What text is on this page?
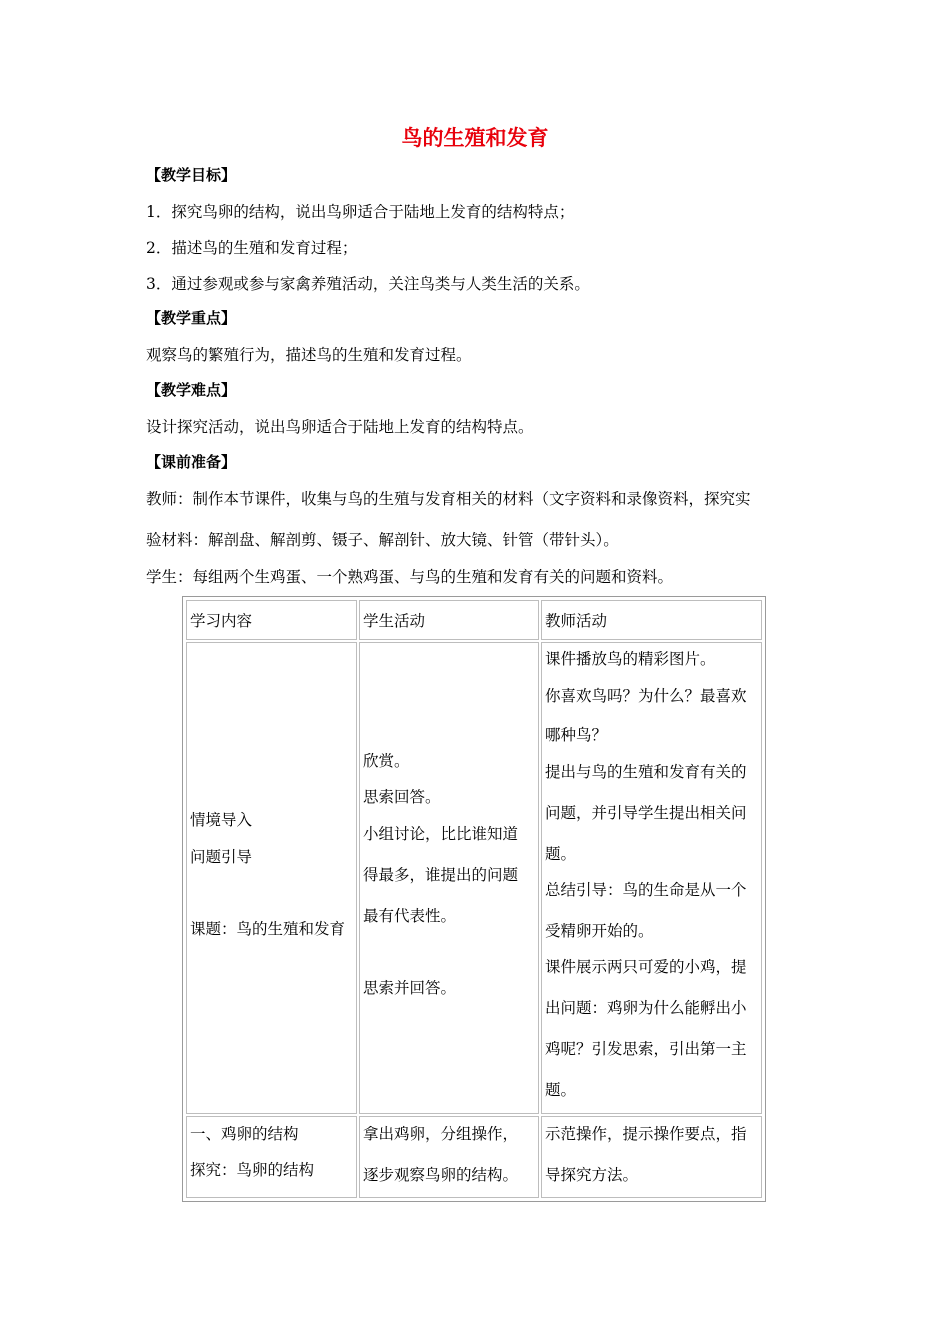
鸟的生殖和发育
【教学目标】
1．探究鸟卵的结构，说出鸟卵适合于陆地上发育的结构特点；
2．描述鸟的生殖和发育过程；
3．通过参观或参与家禽养殖活动，关注鸟类与人类生活的关系。
【教学重点】
观察鸟的繁殖行为，描述鸟的生殖和发育过程。
【教学难点】
设计探究活动，说出鸟卵适合于陆地上发育的结构特点。
【课前准备】
教师：制作本节课件，收集与鸟的生殖与发育相关的材料（文字资料和录像资料，探究实
验材料：解剖盘、解剖剪、镊子、解剖针、放大镜、针管（带针头）。
学生：每组两个生鸡蛋、一个熟鸡蛋、与鸟的生殖和发育有关的问题和资料。
学习内容	学生活动	教师活动
情境导入
问题引导
课题：鸟的生殖和发育
欣赏。
思索回答。
小组讨论，比比谁知道
得最多，谁提出的问题
最有代表性。
思索并回答。
课件播放鸟的精彩图片。
你喜欢鸟吗？为什么？最喜欢
哪种鸟？
提出与鸟的生殖和发育有关的
问题，并引导学生提出相关问
题。
总结引导：鸟的生命是从一个
受精卵开始的。
课件展示两只可爱的小鸡，提
出问题：鸡卵为什么能孵出小
鸡呢？引发思索，引出第一主
题。
一、鸡卵的结构
探究：鸟卵的结构
拿出鸡卵，分组操作，
逐步观察鸟卵的结构。
示范操作，提示操作要点，指
导探究方法。
